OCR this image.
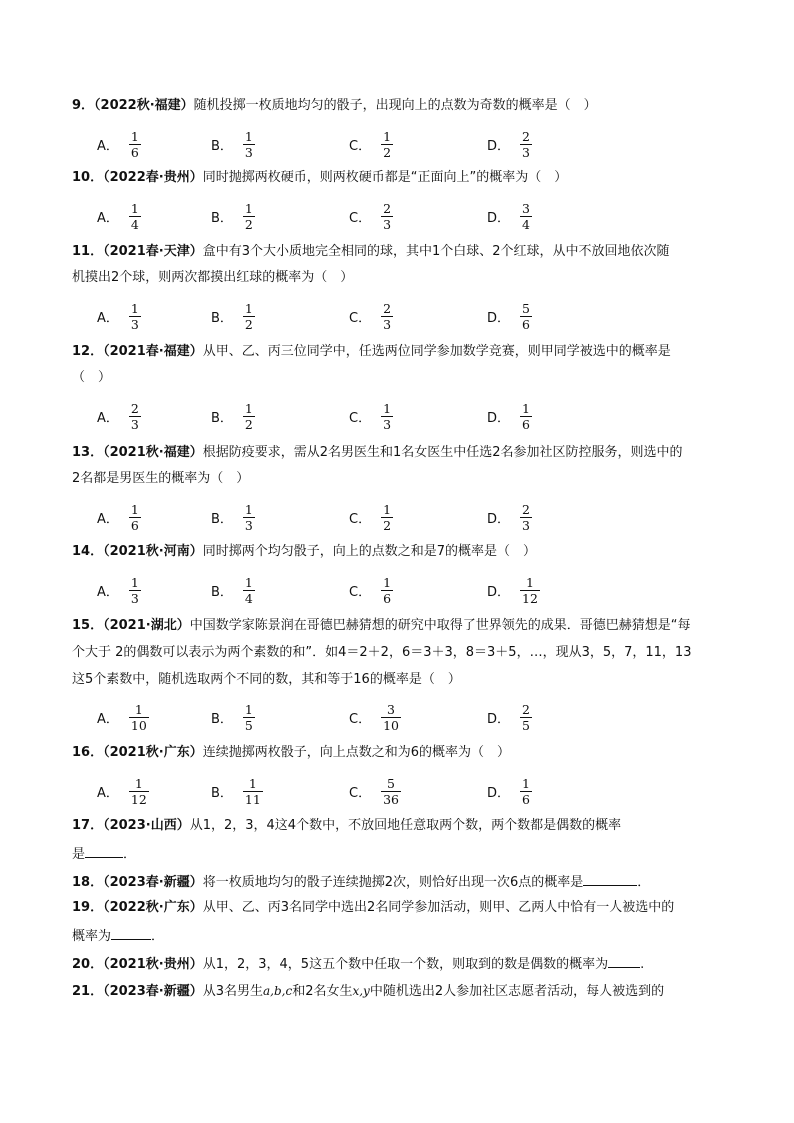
9．（2022秋·福建）随机投掷一枚质地均匀的骰子，出现向上的点数为奇数的概率是（　）
A． $\frac{1}{6}$	B． $\frac{1}{3}$	C． $\frac{1}{2}$	D． $\frac{2}{3}$
10．（2022春·贵州）同时抛掷两枚硬币，则两枚硬币都是“正面向上”的概率为（　）
A． $\frac{1}{4}$	B． $\frac{1}{2}$	C． $\frac{2}{3}$	D． $\frac{3}{4}$
11．（2021春·天津）盒中有3个大小质地完全相同的球，其中1个白球、2个红球，从中不放回地依次随
机摸出2个球，则两次都摸出红球的概率为（　）
A． $\frac{1}{3}$	B． $\frac{1}{2}$	C． $\frac{2}{3}$	D． $\frac{5}{6}$
12．（2021春·福建）从甲、乙、丙三位同学中，任选两位同学参加数学竞赛，则甲同学被选中的概率是
（　）
A． $\frac{2}{3}$	B． $\frac{1}{2}$	C． $\frac{1}{3}$	D． $\frac{1}{6}$
13．（2021秋·福建）根据防疫要求，需从2名男医生和1名女医生中任选2名参加社区防控服务，则选中的
2名都是男医生的概率为（　）
A． $\frac{1}{6}$	B． $\frac{1}{3}$	C． $\frac{1}{2}$	D． $\frac{2}{3}$
14．（2021秋·河南）同时掷两个均匀骰子，向上的点数之和是7的概率是（　）
A． $\frac{1}{3}$	B． $\frac{1}{4}$	C． $\frac{1}{6}$	D． $\frac{1}{12}$
15．（2021·湖北）中国数学家陈景润在哥德巴赫猜想的研究中取得了世界领先的成果．哥德巴赫猜想是“每
个大于 2的偶数可以表示为两个素数的和”．如4＝2＋2，6＝3＋3，8＝3＋5，…，现从3，5，7，11，13
这5个素数中，随机选取两个不同的数，其和等于16的概率是（　）
A． $\frac{1}{10}$	B． $\frac{1}{5}$	C． $\frac{3}{10}$	D． $\frac{2}{5}$
16．（2021秋·广东）连续抛掷两枚骰子，向上点数之和为6的概率为（　）
A． $\frac{1}{12}$	B． $\frac{1}{11}$	C． $\frac{5}{36}$	D． $\frac{1}{6}$
17．（2023·山西）从1，2，3，4这4个数中，不放回地任意取两个数，两个数都是偶数的概率
是	．
18．（2023春·新疆）将一枚质地均匀的骰子连续抛掷2次，则恰好出现一次6点的概率是	．
19．（2022秋·广东）从甲、乙、丙3名同学中选出2名同学参加活动，则甲、乙两人中恰有一人被选中的
概率为	．
20．（2021秋·贵州）从1，2，3，4，5这五个数中任取一个数，则取到的数是偶数的概率为 .
21．（2023春·新疆）从3名男生a,b,c和2名女生x,y中随机选出2人参加社区志愿者活动，每人被选到的
